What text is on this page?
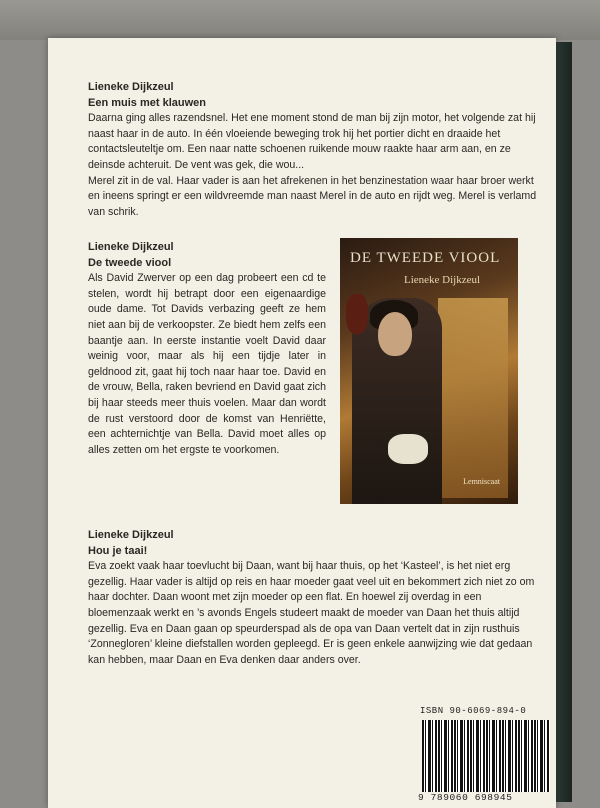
Lieneke Dijkzeul
Een muis met klauwen

Daarna ging alles razendsnel. Het ene moment stond de man bij zijn motor, het volgende zat hij naast haar in de auto. In één vloeiende beweging trok hij het portier dicht en draaide het contactsleuteltje om. Een naar natte schoenen ruikende mouw raakte haar arm aan, en ze deinsde achteruit. De vent was gek, die wou...

Merel zit in de val. Haar vader is aan het afrekenen in het benzinestation waar haar broer werkt en ineens springt er een wildvreemde man naast Merel in de auto en rijdt weg. Merel is verlamd van schrik.

Lieneke Dijkzeul
De tweede viool

Als David Zwerver op een dag probeert een cd te stelen, wordt hij betrapt door een eigenaardige oude dame. Tot Davids verbazing geeft ze hem niet aan bij de verkoopster. Ze biedt hem zelfs een baantje aan. In eerste instantie voelt David daar weinig voor, maar als hij een tijdje later in geldnood zit, gaat hij toch naar haar toe. David en de vrouw, Bella, raken bevriend en David gaat zich bij haar steeds meer thuis voelen. Maar dan wordt de rust verstoord door de komst van Henriëtte, een achternichtje van Bella. David moet alles op alles zetten om het ergste te voorkomen.

DE TWEEDE VIOOL
Lieneke Dijkzeul
Lemniscaat
Lieneke Dijkzeul
Hou je taai!

Eva zoekt vaak haar toevlucht bij Daan, want bij haar thuis, op het ‘Kasteel’, is het niet erg gezellig. Haar vader is altijd op reis en haar moeder gaat veel uit en bekommert zich niet zo om haar dochter. Daan woont met zijn moeder op een flat. En hoewel zij overdag in een bloemenzaak werkt en ’s avonds Engels studeert maakt de moeder van Daan het thuis altijd gezellig. Eva en Daan gaan op speurderspad als de opa van Daan vertelt dat in zijn rusthuis ‘Zonnegloren’ kleine diefstallen worden gepleegd. Er is geen enkele aanwijzing wie dat gedaan kan hebben, maar Daan en Eva denken daar anders over.

ISBN 90-6069-894-0
9 789060 698945
